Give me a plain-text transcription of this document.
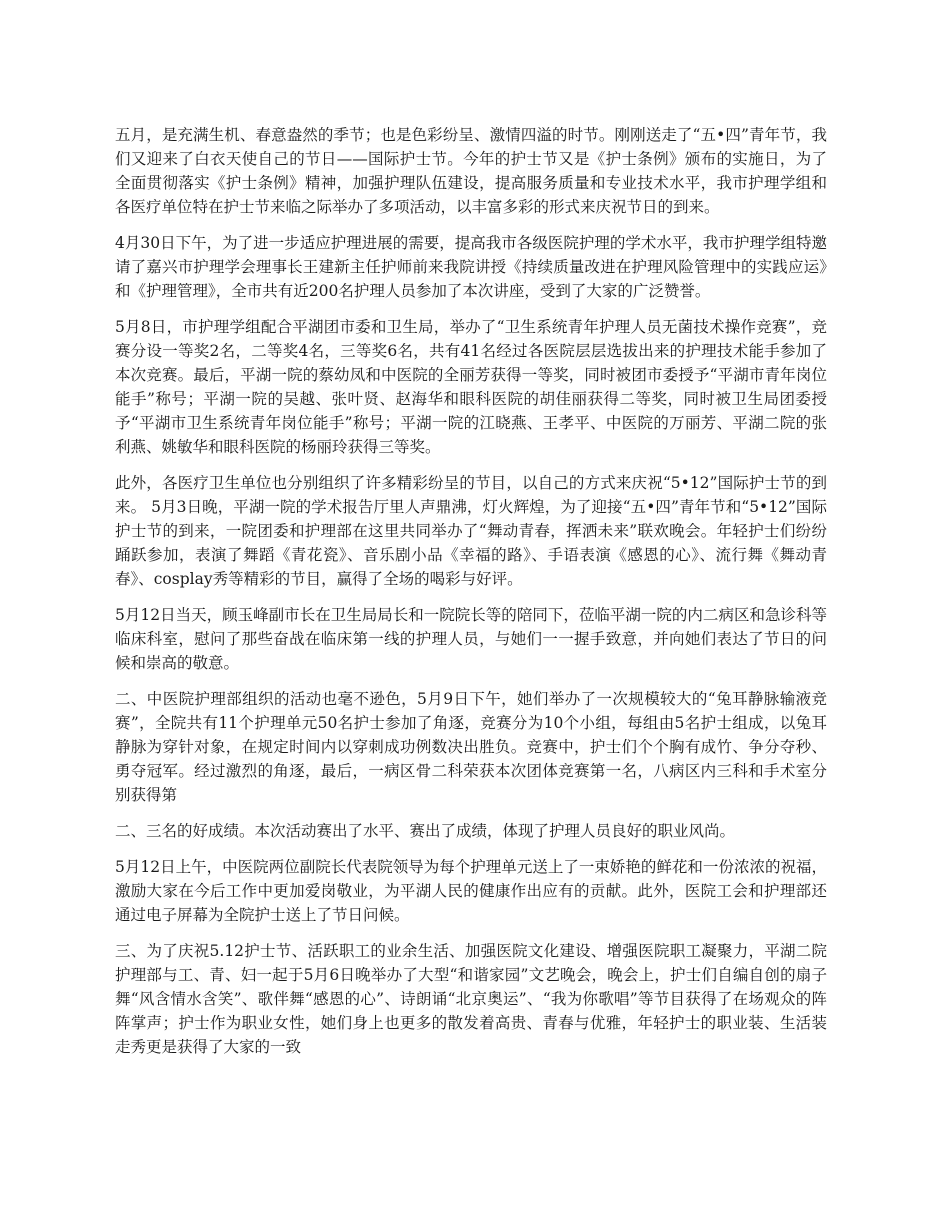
五月，是充满生机、春意盎然的季节；也是色彩纷呈、激情四溢的时节。刚刚送走了“五•四”青年节，我们又迎来了白衣天使自己的节日——国际护士节。今年的护士节又是《护士条例》颁布的实施日，为了全面贯彻落实《护士条例》精神，加强护理队伍建设，提高服务质量和专业技术水平，我市护理学组和各医疗单位特在护士节来临之际举办了多项活动，以丰富多彩的形式来庆祝节日的到来。

4月30日下午，为了进一步适应护理进展的需要，提高我市各级医院护理的学术水平，我市护理学组特邀请了嘉兴市护理学会理事长王建新主任护师前来我院讲授《持续质量改进在护理风险管理中的实践应运》和《护理管理》，全市共有近200名护理人员参加了本次讲座，受到了大家的广泛赞誉。

5月8日，市护理学组配合平湖团市委和卫生局，举办了“卫生系统青年护理人员无菌技术操作竞赛”，竞赛分设一等奖2名，二等奖4名，三等奖6名，共有41名经过各医院层层选拔出来的护理技术能手参加了本次竞赛。最后，平湖一院的蔡幼凤和中医院的全丽芳获得一等奖，同时被团市委授予“平湖市青年岗位能手”称号；平湖一院的吴越、张叶贤、赵海华和眼科医院的胡佳丽获得二等奖，同时被卫生局团委授予“平湖市卫生系统青年岗位能手”称号；平湖一院的江晓燕、王孝平、中医院的万丽芳、平湖二院的张利燕、姚敏华和眼科医院的杨丽玲获得三等奖。

此外，各医疗卫生单位也分别组织了许多精彩纷呈的节目，以自己的方式来庆祝“5•12”国际护士节的到来。 5月3日晚，平湖一院的学术报告厅里人声鼎沸，灯火辉煌，为了迎接“五•四”青年节和“5•12”国际护士节的到来，一院团委和护理部在这里共同举办了“舞动青春，挥洒未来”联欢晚会。年轻护士们纷纷踊跃参加，表演了舞蹈《青花瓷》、音乐剧小品《幸福的路》、手语表演《感恩的心》、流行舞《舞动青春》、cosplay秀等精彩的节目，赢得了全场的喝彩与好评。

5月12日当天，顾玉峰副市长在卫生局局长和一院院长等的陪同下，莅临平湖一院的内二病区和急诊科等临床科室，慰问了那些奋战在临床第一线的护理人员，与她们一一握手致意，并向她们表达了节日的问候和崇高的敬意。

二、中医院护理部组织的活动也毫不逊色，5月9日下午，她们举办了一次规模较大的“兔耳静脉输液竞赛”，全院共有11个护理单元50名护士参加了角逐，竞赛分为10个小组，每组由5名护士组成，以兔耳静脉为穿针对象，在规定时间内以穿刺成功例数决出胜负。竞赛中，护士们个个胸有成竹、争分夺秒、勇夺冠军。经过激烈的角逐，最后，一病区骨二科荣获本次团体竞赛第一名，八病区内三科和手术室分别获得第

二、三名的好成绩。本次活动赛出了水平、赛出了成绩，体现了护理人员良好的职业风尚。

5月12日上午，中医院两位副院长代表院领导为每个护理单元送上了一束娇艳的鲜花和一份浓浓的祝福，激励大家在今后工作中更加爱岗敬业，为平湖人民的健康作出应有的贡献。此外，医院工会和护理部还通过电子屏幕为全院护士送上了节日问候。

三、为了庆祝5.12护士节、活跃职工的业余生活、加强医院文化建设、增强医院职工凝聚力，平湖二院护理部与工、青、妇一起于5月6日晚举办了大型“和谐家园”文艺晚会，晚会上，护士们自编自创的扇子舞“风含情水含笑”、歌伴舞“感恩的心”、诗朗诵“北京奥运”、“我为你歌唱”等节目获得了在场观众的阵阵掌声；护士作为职业女性，她们身上也更多的散发着高贵、青春与优雅，年轻护士的职业装、生活装走秀更是获得了大家的一致
